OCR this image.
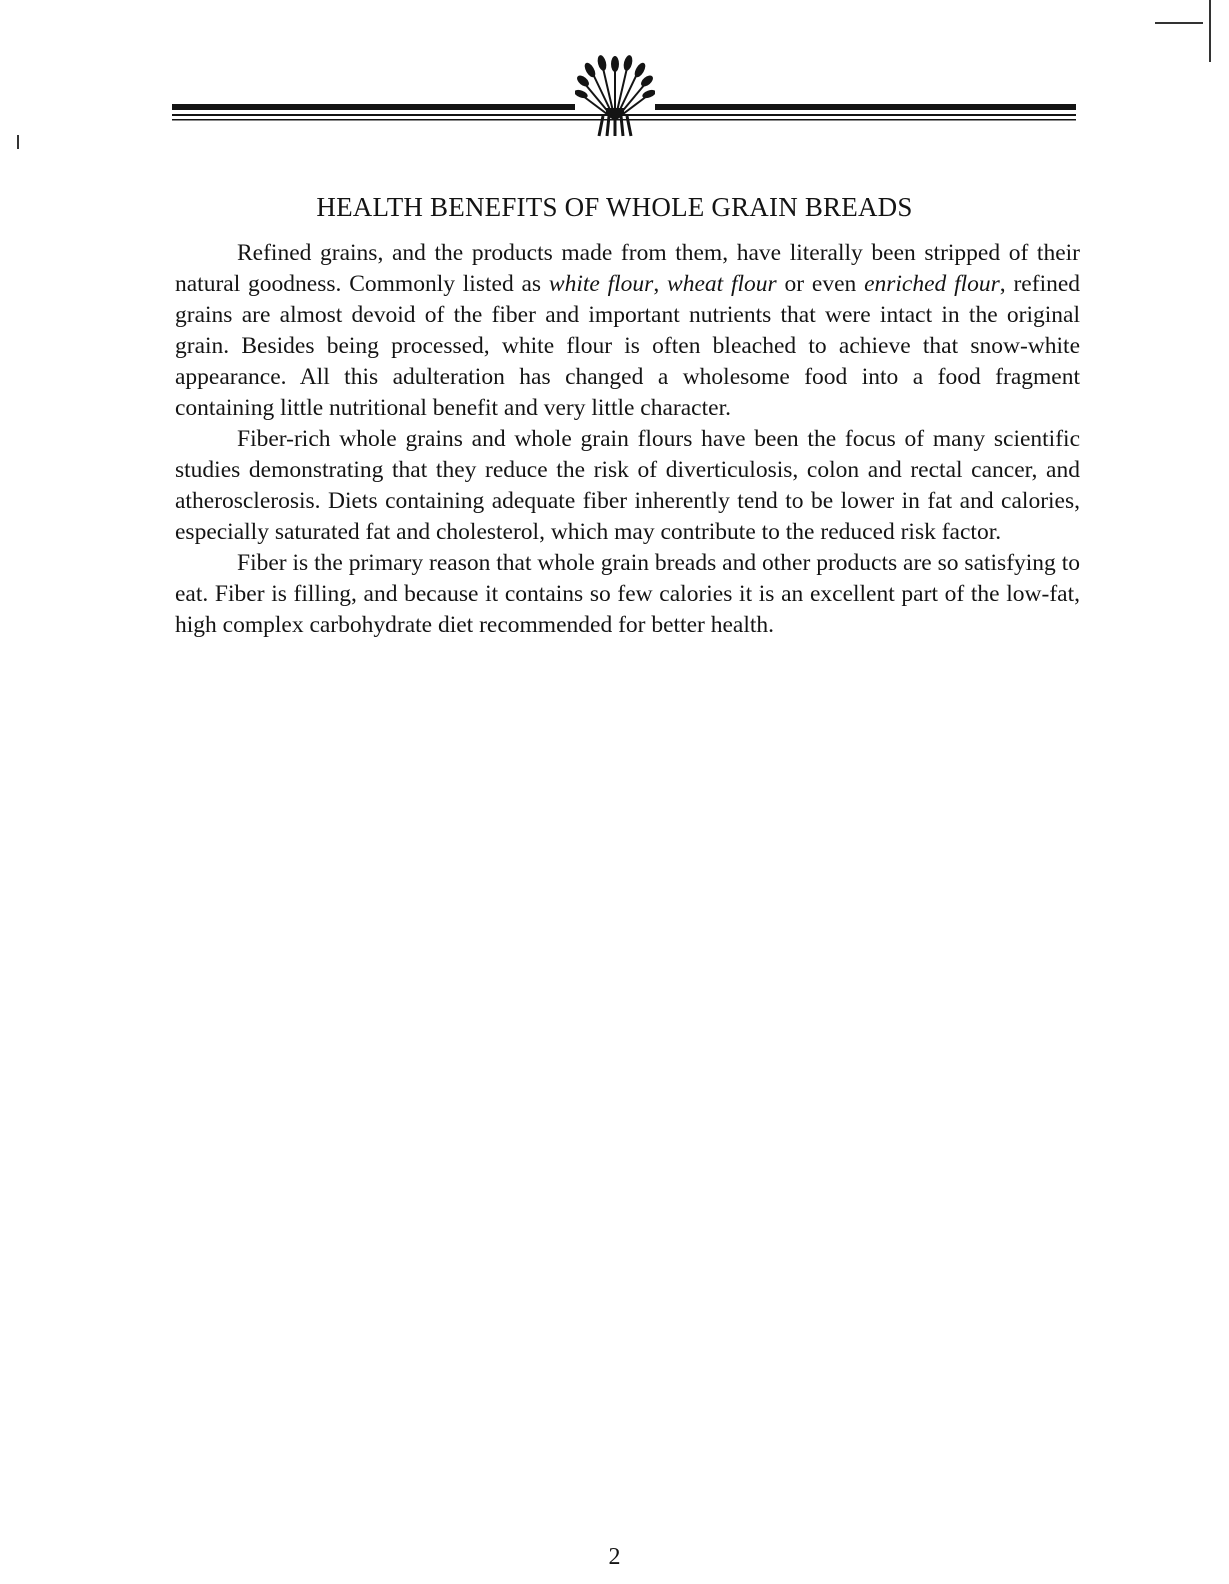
HEALTH BENEFITS OF WHOLE GRAIN BREADS

Refined grains, and the products made from them, have literally been stripped of their natural goodness. Commonly listed as white flour, wheat flour or even enriched flour, refined grains are almost devoid of the fiber and important nutrients that were intact in the original grain. Besides being processed, white flour is often bleached to achieve that snow-white appearance. All this adulteration has changed a wholesome food into a food fragment containing little nutritional benefit and very little character.

Fiber-rich whole grains and whole grain flours have been the focus of many scientific studies demonstrating that they reduce the risk of diverticulosis, colon and rectal cancer, and atherosclerosis. Diets containing adequate fiber inherently tend to be lower in fat and calories, especially saturated fat and cholesterol, which may contribute to the reduced risk factor.

Fiber is the primary reason that whole grain breads and other products are so satisfying to eat. Fiber is filling, and because it contains so few calories it is an excellent part of the low-fat, high complex carbohydrate diet recommended for better health.

2
